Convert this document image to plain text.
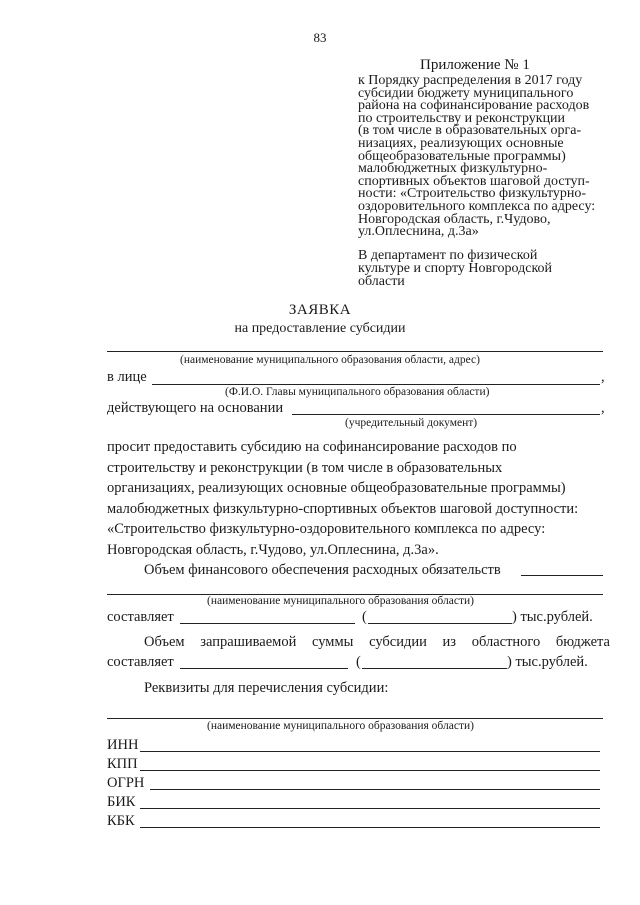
83
Приложение № 1
к Порядку распределения в 2017 году
субсидии бюджету муниципального
района на софинансирование расходов
по строительству и реконструкции
(в том числе в образовательных орга-
низациях, реализующих основные
общеобразовательные программы)
малобюджетных физкультурно-
спортивных объектов шаговой доступ-
ности: «Строительство физкультурно-
оздоровительного комплекса по адресу:
Новгородская область, г.Чудово,
ул.Оплеснина, д.3а»
В департамент по физической
культуре и спорту Новгородской
области
ЗАЯВКА
на предоставление субсидии
(наименование муниципального образования области, адрес)
в лице	,
(Ф.И.О. Главы муниципального образования области)
действующего на основании	,
(учредительный документ)

просит предоставить субсидию на софинансирование расходов по

строительству и реконструкции (в том числе в образовательных

организациях, реализующих основные общеобразовательные программы)

малобюджетных физкультурно-спортивных объектов шаговой доступности:

«Строительство физкультурно-оздоровительного комплекса по адресу:

Новгородская область, г.Чудово, ул.Оплеснина, д.3а».

Объем финансового обеспечения расходных обязательств
(наименование муниципального образования области)
составляет	(	) тыс.рублей.
Объем запрашиваемой суммы субсидии из областного бюджета
составляет	(	) тыс.рублей.
Реквизиты для перечисления субсидии:
(наименование муниципального образования области)
ИНН
КПП
ОГРН
БИК
КБК
